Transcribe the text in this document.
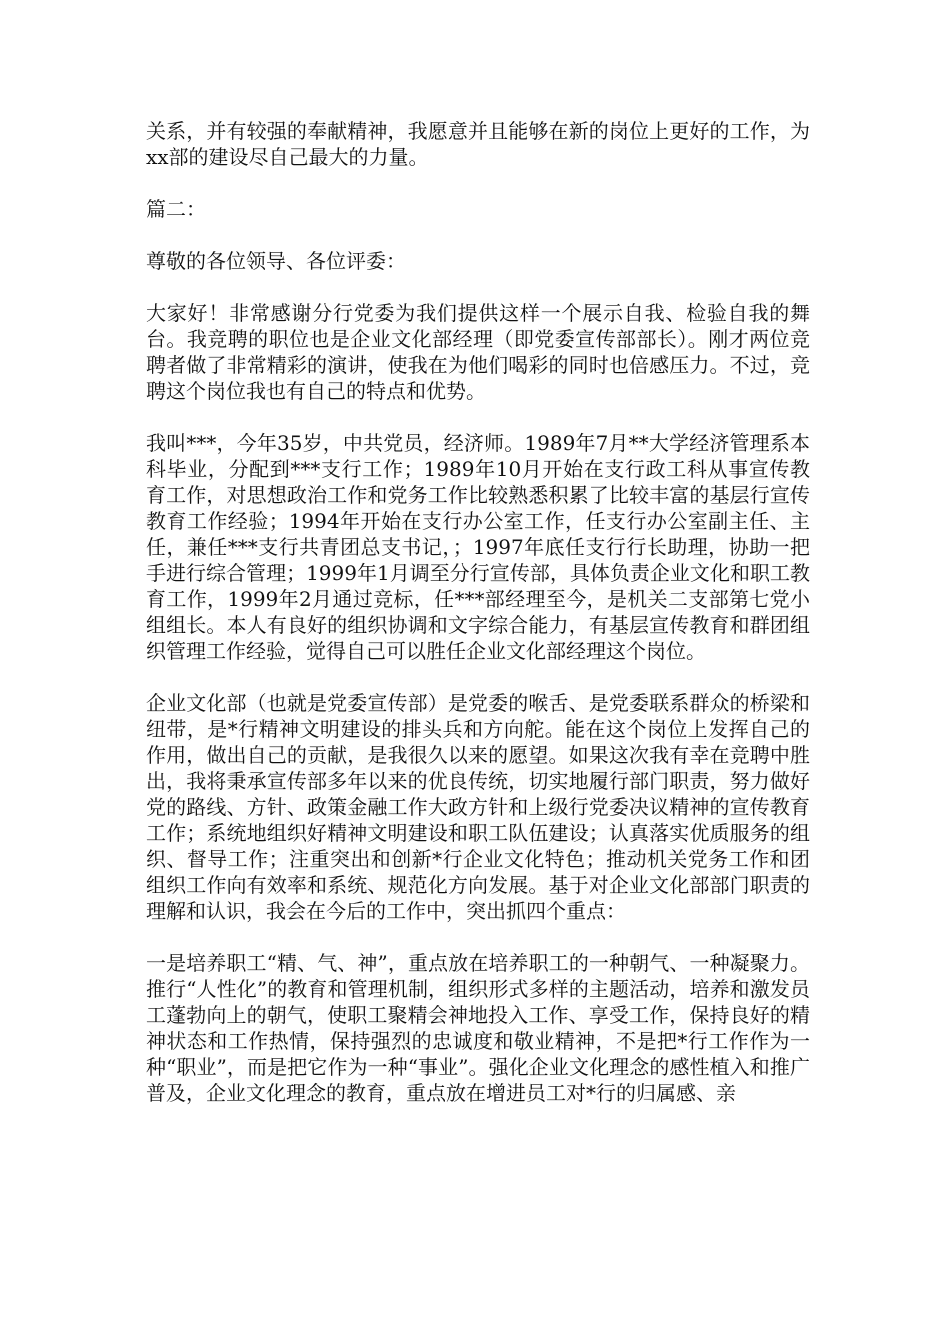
关系，并有较强的奉献精神，我愿意并且能够在新的岗位上更好的工作，为xx部的建设尽自己最大的力量。

篇二：

尊敬的各位领导、各位评委：

大家好！非常感谢分行党委为我们提供这样一个展示自我、检验自我的舞台。我竞聘的职位也是企业文化部经理（即党委宣传部部长）。刚才两位竞聘者做了非常精彩的演讲，使我在为他们喝彩的同时也倍感压力。不过，竞聘这个岗位我也有自己的特点和优势。

我叫***，今年35岁，中共党员，经济师。1989年7月**大学经济管理系本科毕业，分配到***支行工作；1989年10月开始在支行政工科从事宣传教育工作，对思想政治工作和党务工作比较熟悉积累了比较丰富的基层行宣传教育工作经验；1994年开始在支行办公室工作，任支行办公室副主任、主任，兼任***支行共青团总支书记，；1997年底任支行行长助理，协助一把手进行综合管理；1999年1月调至分行宣传部，具体负责企业文化和职工教育工作，1999年2月通过竞标，任***部经理至今，是机关二支部第七党小组组长。本人有良好的组织协调和文字综合能力，有基层宣传教育和群团组织管理工作经验，觉得自己可以胜任企业文化部经理这个岗位。

企业文化部（也就是党委宣传部）是党委的喉舌、是党委联系群众的桥梁和纽带，是*行精神文明建设的排头兵和方向舵。能在这个岗位上发挥自己的作用，做出自己的贡献，是我很久以来的愿望。如果这次我有幸在竞聘中胜出，我将秉承宣传部多年以来的优良传统，切实地履行部门职责，努力做好党的路线、方针、政策金融工作大政方针和上级行党委决议精神的宣传教育工作；系统地组织好精神文明建设和职工队伍建设；认真落实优质服务的组织、督导工作；注重突出和创新*行企业文化特色；推动机关党务工作和团组织工作向有效率和系统、规范化方向发展。基于对企业文化部部门职责的理解和认识，我会在今后的工作中，突出抓四个重点：

一是培养职工“精、气、神”，重点放在培养职工的一种朝气、一种凝聚力。推行“人性化”的教育和管理机制，组织形式多样的主题活动，培养和激发员工蓬勃向上的朝气，使职工聚精会神地投入工作、享受工作，保持良好的精神状态和工作热情，保持强烈的忠诚度和敬业精神，不是把*行工作作为一种“职业”，而是把它作为一种“事业”。强化企业文化理念的感性植入和推广普及，企业文化理念的教育，重点放在增进员工对*行的归属感、亲
